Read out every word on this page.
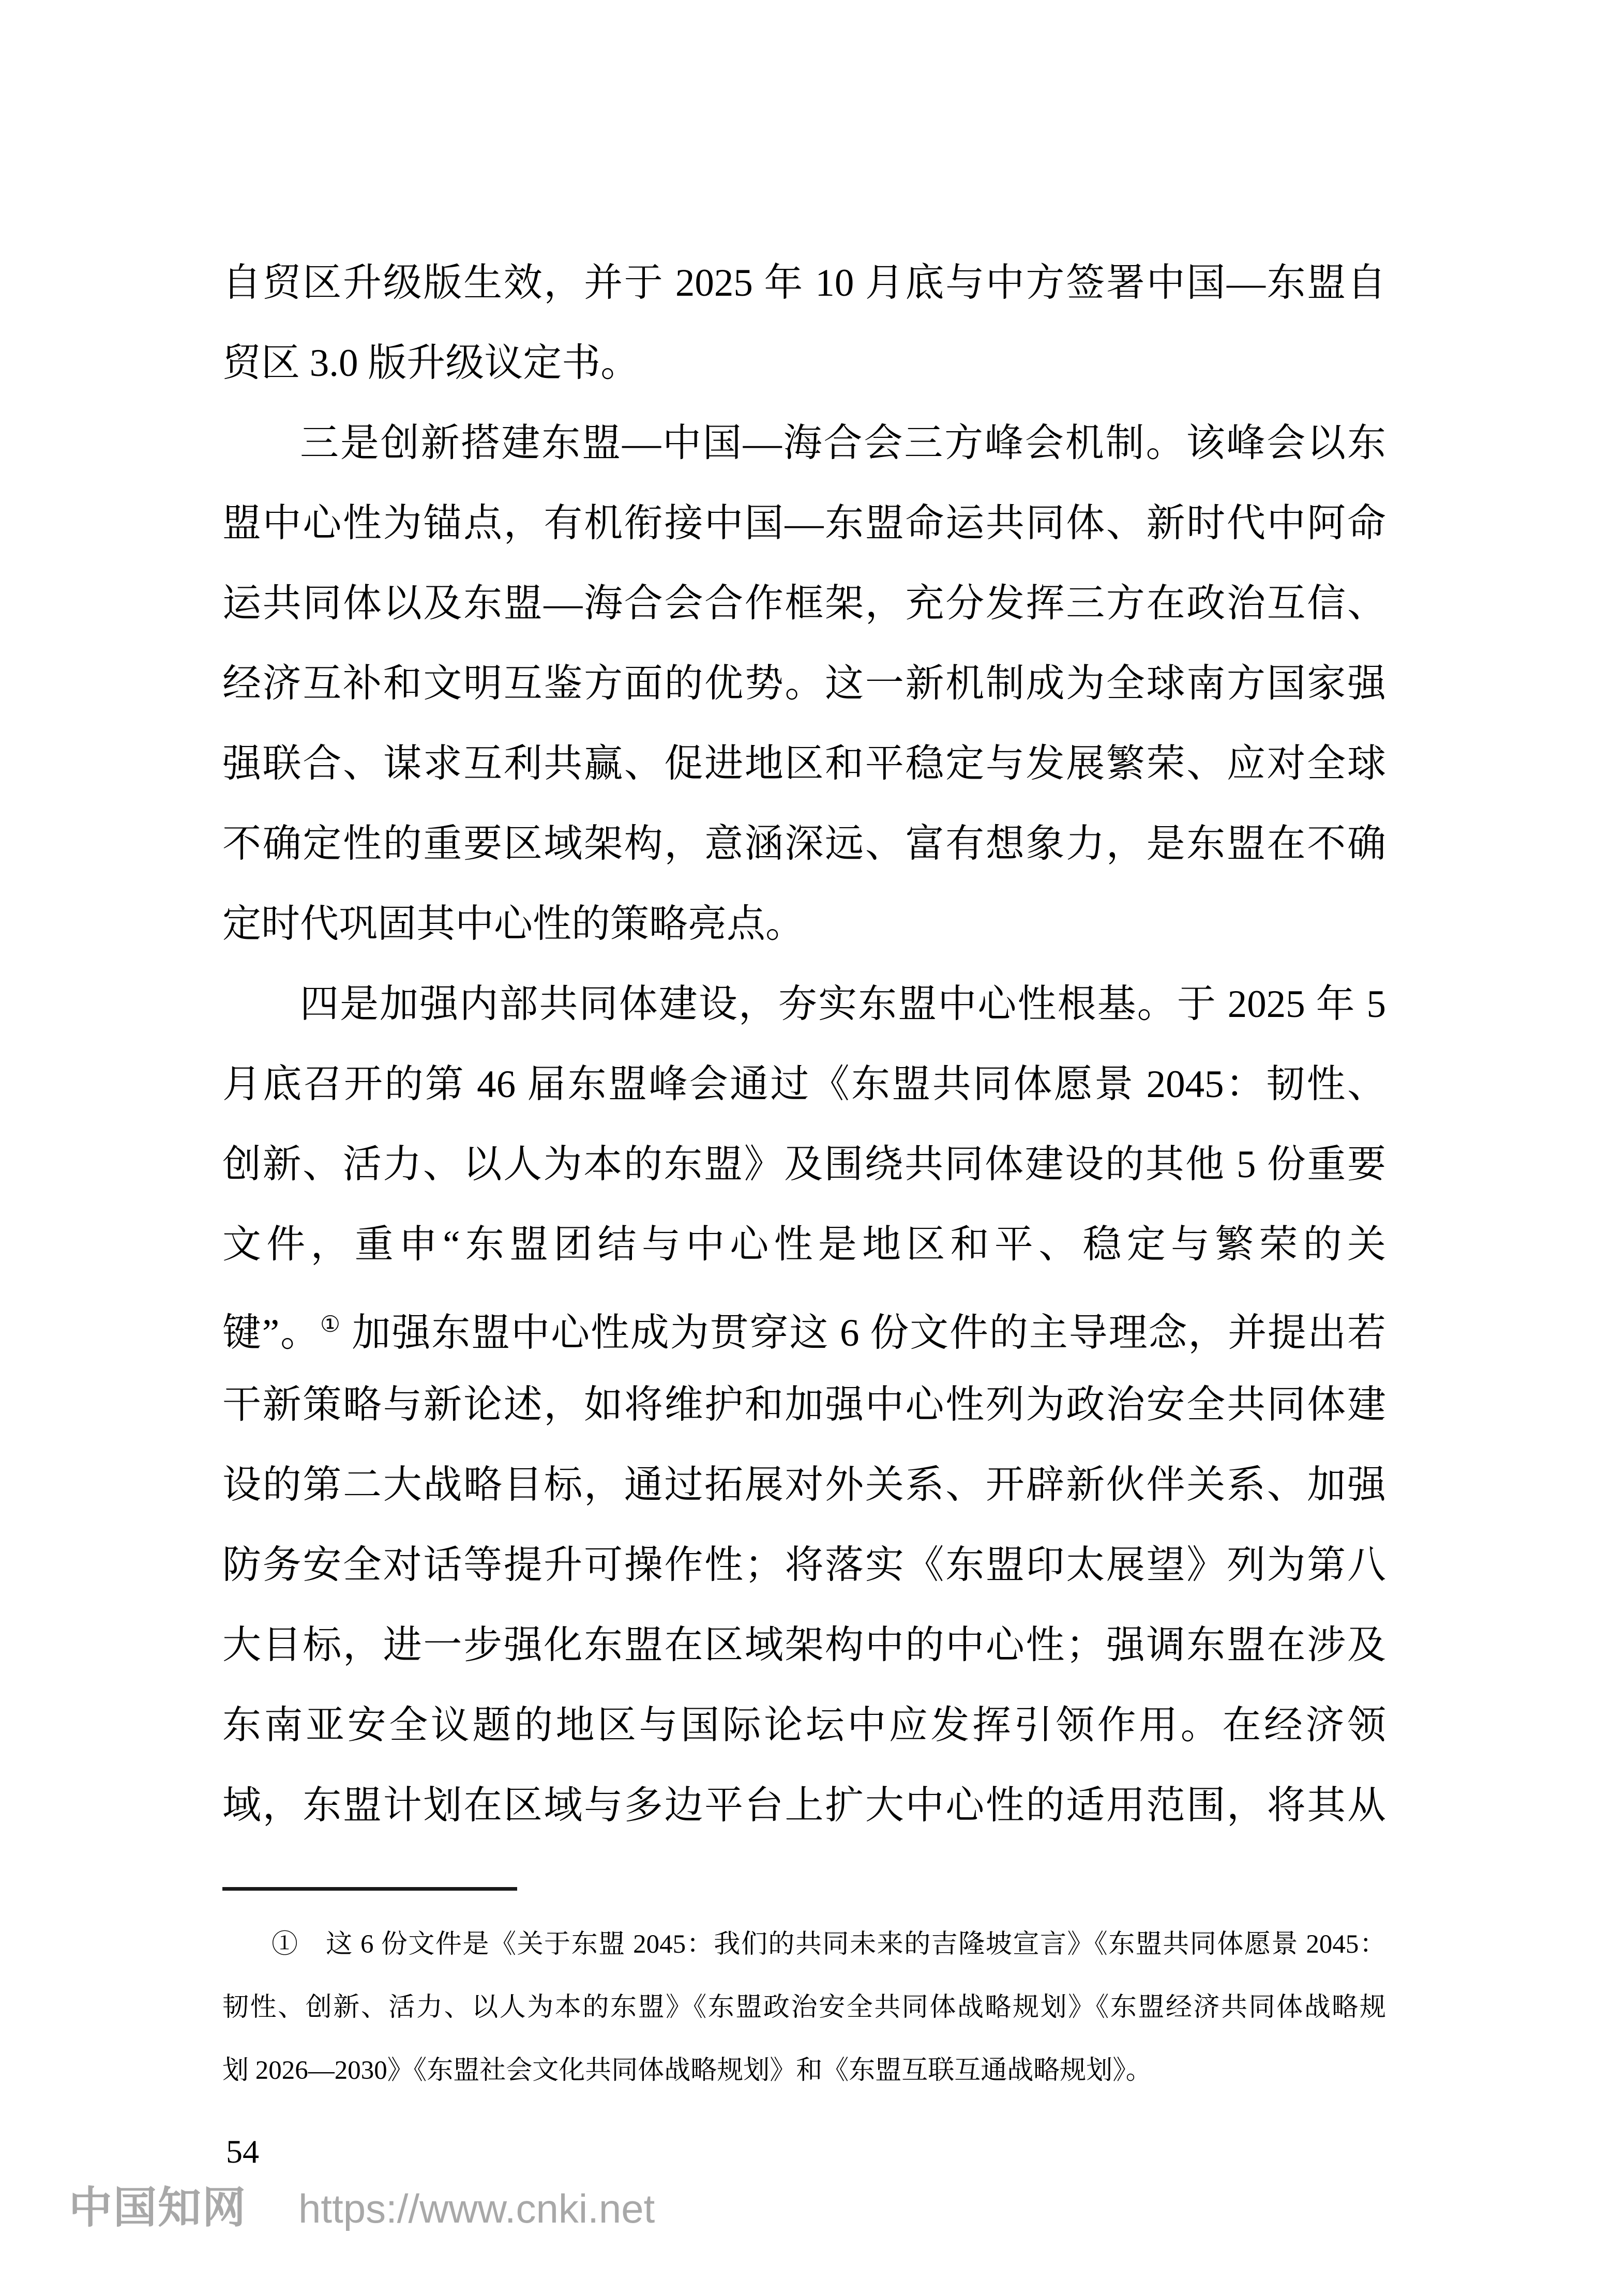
自贸区升级版生效，并于 2025 年 10 月底与中方签署中国—东盟自
贸区 3.0 版升级议定书。
三是创新搭建东盟—中国—海合会三方峰会机制。该峰会以东
盟中心性为锚点，有机衔接中国—东盟命运共同体、新时代中阿命
运共同体以及东盟—海合会合作框架，充分发挥三方在政治互信、
经济互补和文明互鉴方面的优势。这一新机制成为全球南方国家强
强联合、谋求互利共赢、促进地区和平稳定与发展繁荣、应对全球
不确定性的重要区域架构，意涵深远、富有想象力，是东盟在不确
定时代巩固其中心性的策略亮点。
四是加强内部共同体建设，夯实东盟中心性根基。于 2025 年 5
月底召开的第 46 届东盟峰会通过《东盟共同体愿景 2045：韧性、
创新、活力、以人为本的东盟》及围绕共同体建设的其他 5 份重要
文件，重申“东盟团结与中心性是地区和平、稳定与繁荣的关
键”。① 加强东盟中心性成为贯穿这 6 份文件的主导理念，并提出若
干新策略与新论述，如将维护和加强中心性列为政治安全共同体建
设的第二大战略目标，通过拓展对外关系、开辟新伙伴关系、加强
防务安全对话等提升可操作性；将落实《东盟印太展望》列为第八
大目标，进一步强化东盟在区域架构中的中心性；强调东盟在涉及
东南亚安全议题的地区与国际论坛中应发挥引领作用。在经济领
域，东盟计划在区域与多边平台上扩大中心性的适用范围，将其从
①　这 6 份文件是《关于东盟 2045：我们的共同未来的吉隆坡宣言》《东盟共同体愿景 2045：
韧性、创新、活力、以人为本的东盟》《东盟政治安全共同体战略规划》《东盟经济共同体战略规
划 2026—2030》《东盟社会文化共同体战略规划》和《东盟互联互通战略规划》。
54
中国知网 https://www.cnki.net
